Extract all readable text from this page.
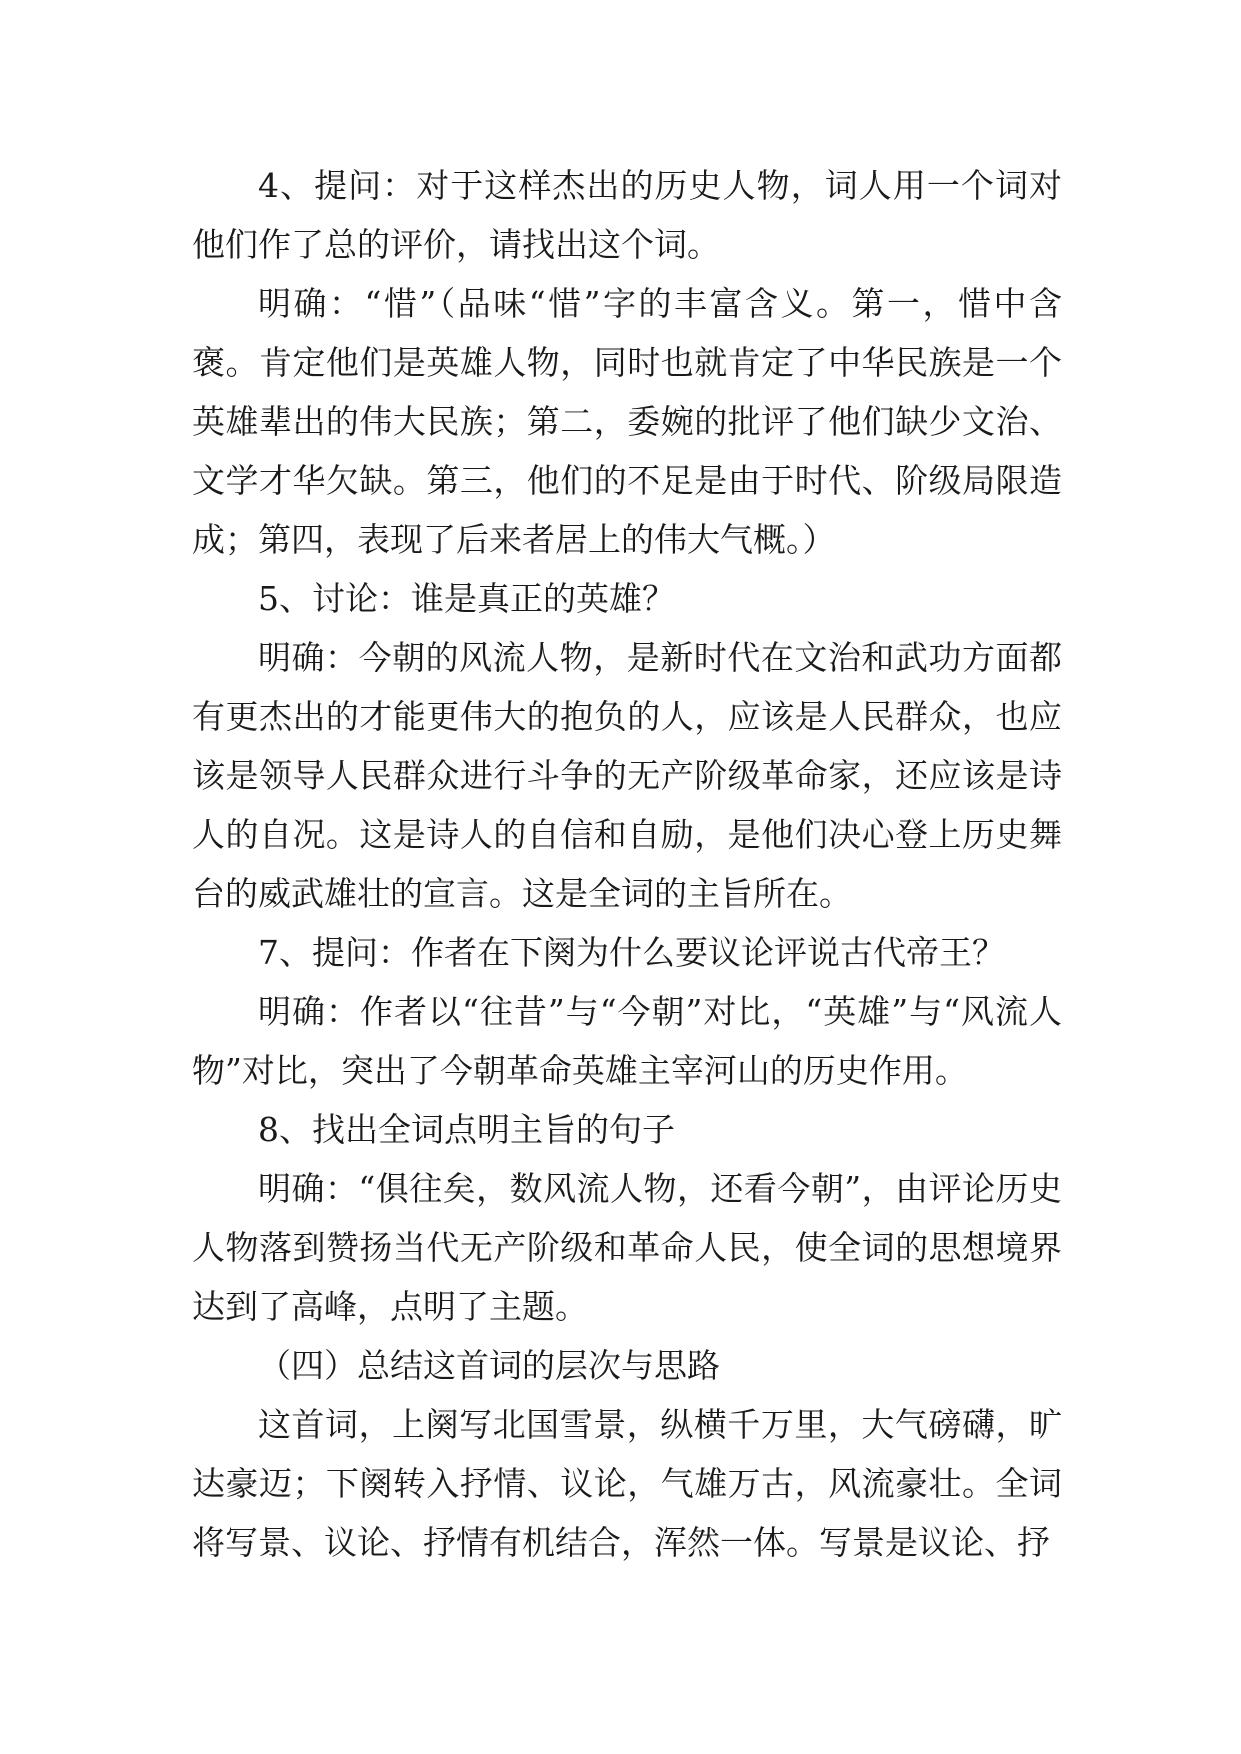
4、提问：对于这样杰出的历史人物，词人用一个词对他们作了总的评价，请找出这个词。

明确：“惜”（品味“惜”字的丰富含义。第一，惜中含褒。肯定他们是英雄人物，同时也就肯定了中华民族是一个英雄辈出的伟大民族；第二，委婉的批评了他们缺少文治、文学才华欠缺。第三，他们的不足是由于时代、阶级局限造成；第四，表现了后来者居上的伟大气概。）

5、讨论：谁是真正的英雄？

明确：今朝的风流人物，是新时代在文治和武功方面都有更杰出的才能更伟大的抱负的人，应该是人民群众，也应该是领导人民群众进行斗争的无产阶级革命家，还应该是诗人的自况。这是诗人的自信和自励，是他们决心登上历史舞台的威武雄壮的宣言。这是全词的主旨所在。

7、提问：作者在下阕为什么要议论评说古代帝王？

明确：作者以“往昔”与“今朝”对比，“英雄”与“风流人物”对比，突出了今朝革命英雄主宰河山的历史作用。

8、找出全词点明主旨的句子

明确：“俱往矣，数风流人物，还看今朝”，由评论历史人物落到赞扬当代无产阶级和革命人民，使全词的思想境界达到了高峰，点明了主题。

（四）总结这首词的层次与思路

这首词，上阕写北国雪景，纵横千万里，大气磅礴，旷达豪迈；下阕转入抒情、议论，气雄万古，风流豪壮。全词将写景、议论、抒情有机结合，浑然一体。写景是议论、抒
